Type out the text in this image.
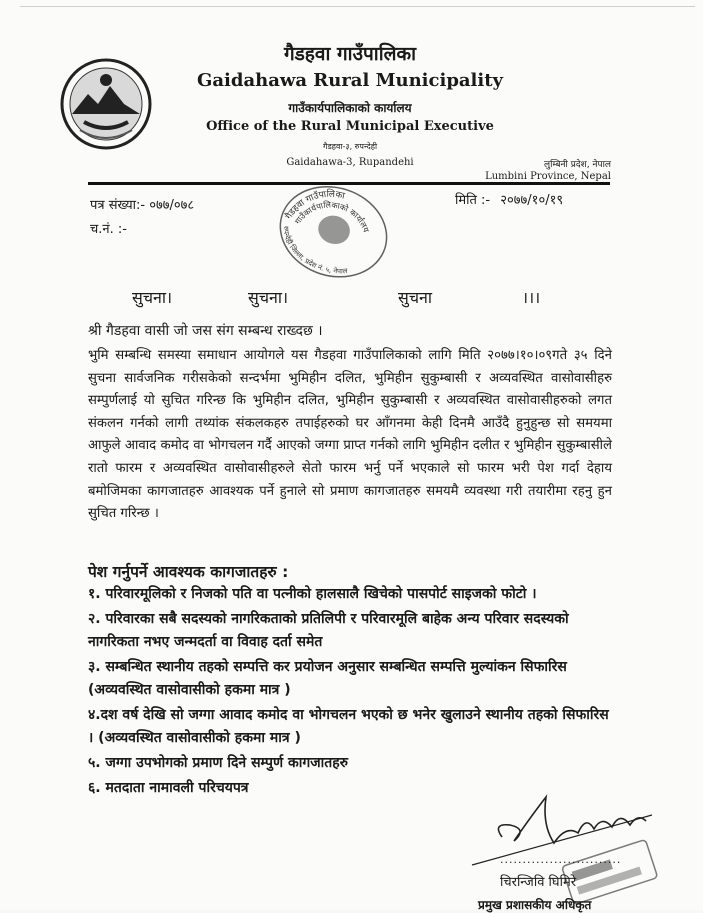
गैडहवा गाउँपालिका
Gaidahawa Rural Municipality
गाउँकार्यपालिकाको कार्यालय
Office of the Rural Municipal Executive
गैडहवा-३, रुपन्देही
Gaidahawa-3, Rupandehi	लुम्बिनी प्रदेश, नेपाल
Lumbini Province, Nepal
पत्र संख्या:- ०७७/०७८
च.नं. :-
मिति :- २०७७/१०/१९
गैडहवा गाउँपालिका
गाउँकार्यपालिकाको कार्यालय
रुपन्देही जिल्ला, प्रदेश नं. ५, नेपाल
सुचना।	सुचना।	सुचना	।।।
श्री गैडहवा वासी जो जस संग सम्बन्ध राख्दछ ।
भुमि सम्बन्धि समस्या समाधान आयोगले यस गैडहवा गाउँपालिकाको लागि मिति २०७७।१०।०९गते ३५ दिने सुचना सार्वजनिक गरीसकेको सन्दर्भमा भुमिहीन दलित, भुमिहीन सुकुम्बासी र अव्यवस्थित वासोवासीहरु सम्पुर्णलाई यो सुचित गरिन्छ कि भुमिहीन दलित, भुमिहीन सुकुम्बासी र अव्यवस्थित वासोवासीहरुको लगत संकलन गर्नको लागी तथ्यांक संकलकहरु तपाईहरुको घर आँगनमा केही दिनमै आउँदै हुनुहुन्छ सो समयमा आफुले आवाद कमोद वा भोगचलन गर्दै आएको जग्गा प्राप्त गर्नको लागि भुमिहीन दलीत र भुमिहीन सुकुम्बासीले रातो फारम र अव्यवस्थित वासोवासीहरुले सेतो फारम भर्नु पर्ने भएकाले सो फारम भरी पेश गर्दा देहाय बमोजिमका कागजातहरु आवश्यक पर्ने हुनाले सो प्रमाण कागजातहरु समयमै व्यवस्था गरी तयारीमा रहनु हुन सुचित गरिन्छ ।
पेश गर्नुपर्ने आवश्यक कागजातहरु :
१. परिवारमूलिको र निजको पति वा पत्नीको हालसालै खिचेको पासपोर्ट साइजको फोटो ।
२. परिवारका सबै सदस्यको नागरिकताको प्रतिलिपी र परिवारमूलि बाहेक अन्य परिवार सदस्यको नागरिकता नभए जन्मदर्ता वा विवाह दर्ता समेत
३. सम्बन्धित स्थानीय तहको सम्पत्ति कर प्रयोजन अनुसार सम्बन्धित सम्पत्ति मुल्यांकन सिफारिस (अव्यवस्थित वासोवासीको हकमा मात्र )
४.दश वर्ष देखि सो जग्गा आवाद कमोद वा भोगचलन भएको छ भनेर खुलाउने स्थानीय तहको सिफारिस । (अव्यवस्थित वासोवासीको हकमा मात्र )
५. जग्गा उपभोगको प्रमाण दिने सम्पुर्ण कागजातहरु
६. मतदाता नामावली परिचयपत्र
...........................
चिरन्जिवि घिमिरे
प्रमुख प्रशासकीय अधिकृत
